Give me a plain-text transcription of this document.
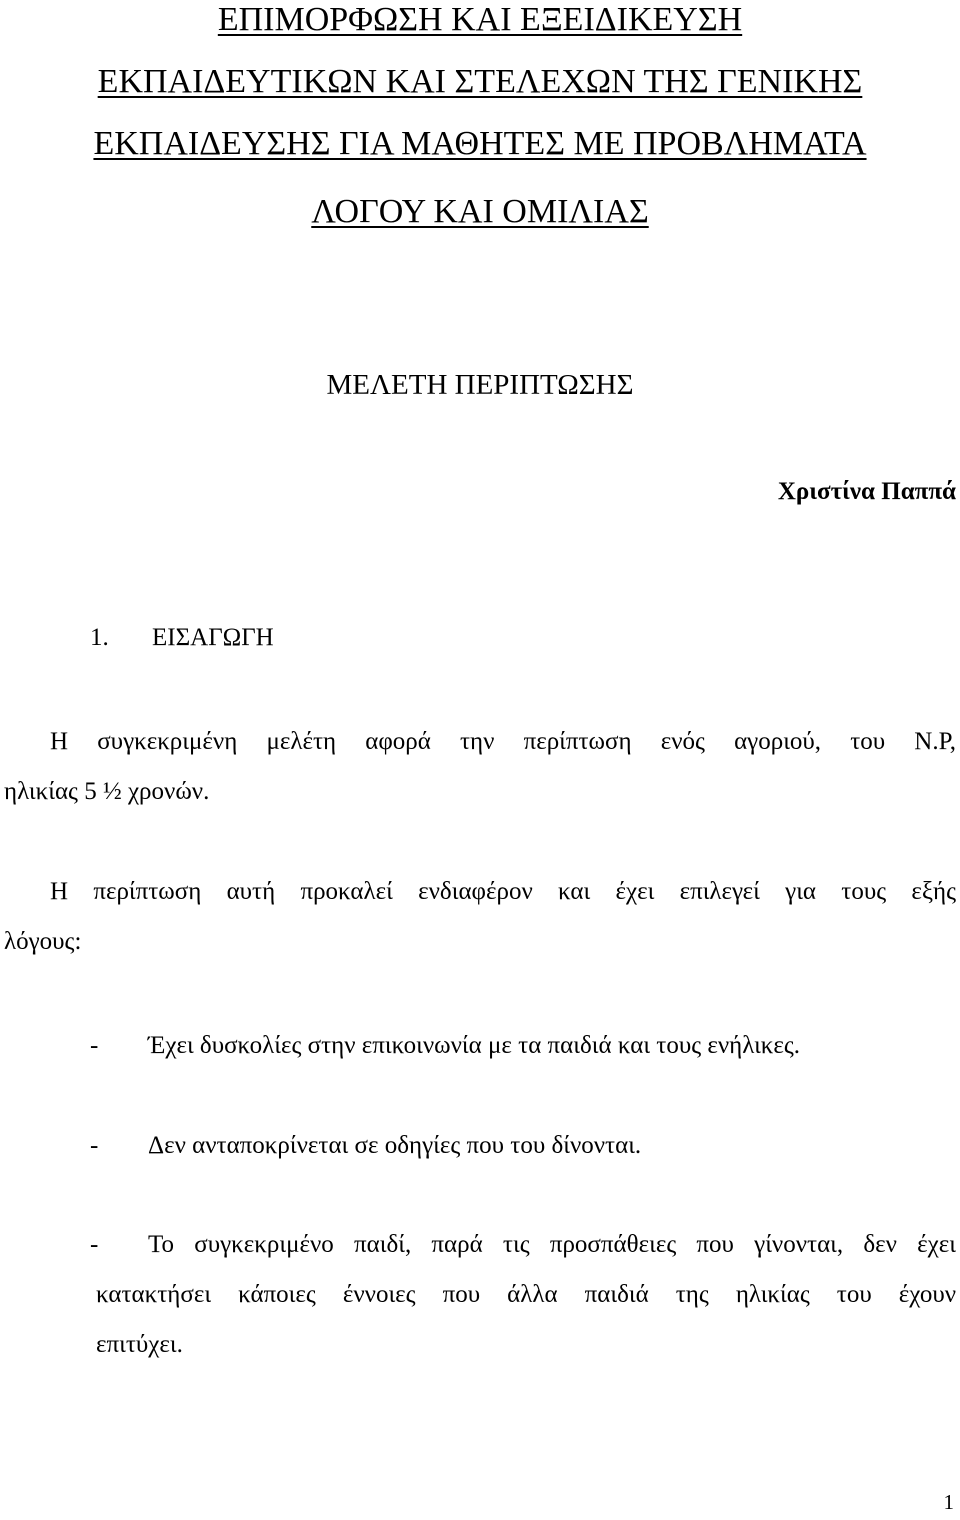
ΕΠΙΜΟΡΦΩΣΗ ΚΑΙ ΕΞΕΙΔΙΚΕΥΣΗ
ΕΚΠΑΙΔΕΥΤΙΚΩΝ ΚΑΙ ΣΤΕΛΕΧΩΝ ΤΗΣ ΓΕΝΙΚΗΣ
ΕΚΠΑΙΔΕΥΣΗΣ ΓΙΑ ΜΑΘΗΤΕΣ ΜΕ ΠΡΟΒΛΗΜΑΤΑ
ΛΟΓΟΥ ΚΑΙ ΟΜΙΛΙΑΣ
ΜΕΛΕΤΗ ΠΕΡΙΠΤΩΣΗΣ
Χριστίνα Παππά
1. ΕΙΣΑΓΩΓΗ
Η συγκεκριμένη μελέτη αφορά την περίπτωση ενός αγοριού, του Ν.Ρ,
ηλικίας 5 ½ χρονών.
Η περίπτωση αυτή προκαλεί ενδιαφέρον και έχει επιλεγεί για τους εξής
λόγους:
- Έχει δυσκολίες στην επικοινωνία με τα παιδιά και τους ενήλικες.
- Δεν ανταποκρίνεται σε οδηγίες που του δίνονται.
- Το συγκεκριμένο παιδί, παρά τις προσπάθειες που γίνονται, δεν έχει
κατακτήσει κάποιες έννοιες που άλλα παιδιά της ηλικίας του έχουν
επιτύχει.
1
